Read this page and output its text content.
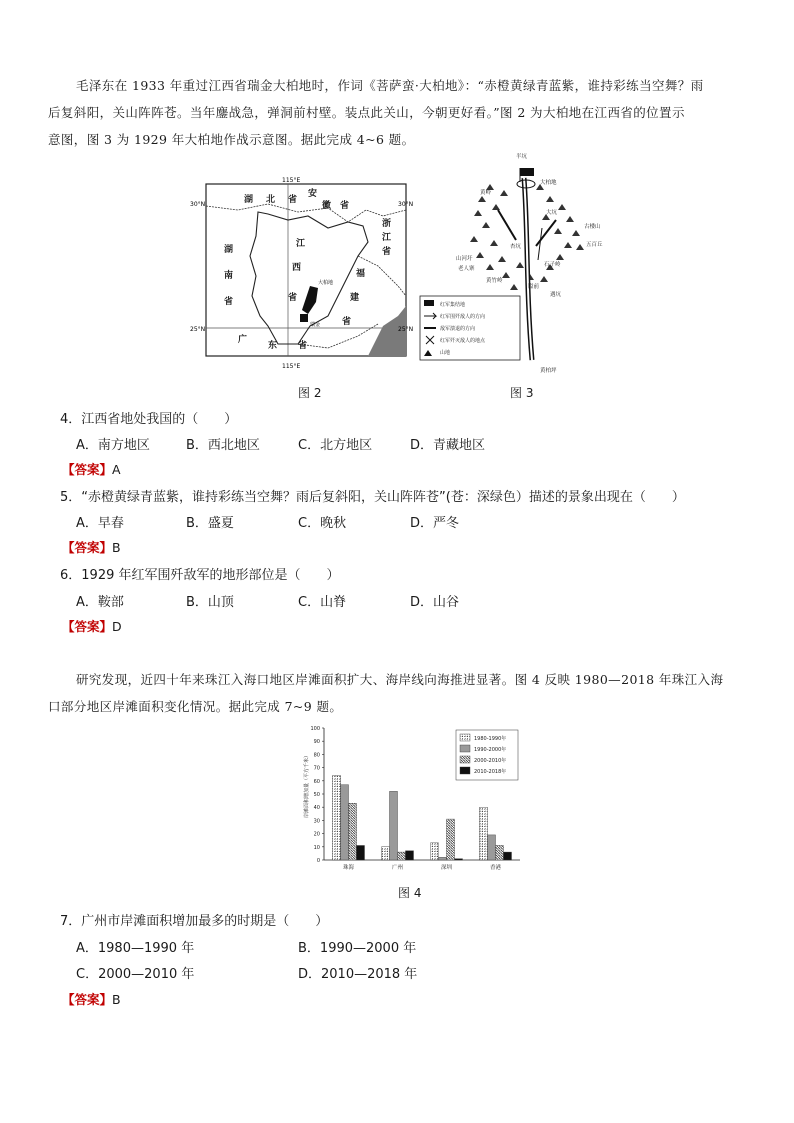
毛泽东在 1933 年重过江西省瑞金大柏地时，作词《菩萨蛮·大柏地》：“赤橙黄绿青蓝紫，谁持彩练当空舞？雨
后复斜阳，关山阵阵苍。当年鏖战急，弹洞前村壁。装点此关山，今朝更好看。”图 2 为大柏地在江西省的位置示
意图，图 3 为 1929 年大柏地作战示意图。据此完成 4~6 题。
115°E
115°E
30°N	30°N
25°N	25°N
湖 北 省
安
徽 省
浙
江
省
湖
南
省
江
西
省
福
建
省
广
东 省
大柏地
瑞金
图 2
半坑
大柏地
黄岭
大坑
古楼山
五百丘
山河圩
老人寨
杏坑
石子岭
黄竹岭
隘前
遇坑
黄柏坪
红军集结地
红军围歼敌人的方向
敌军溃退的方向
红军歼灭敌人的地点
山地
图 3
4．江西省地处我国的（　　）
A．南方地区	B．西北地区	C．北方地区	D．青藏地区
【答案】A
5．“赤橙黄绿青蓝紫，谁持彩练当空舞？雨后复斜阳，关山阵阵苍”(苍：深绿色）描述的景象出现在（　　）
A．早春	B．盛夏	C．晚秋	D．严冬
【答案】B
6．1929 年红军围歼敌军的地形部位是（　　）
A．鞍部	B．山顶	C．山脊	D．山谷
【答案】D
研究发现，近四十年来珠江入海口地区岸滩面积扩大、海岸线向海推进显著。图 4 反映 1980—2018 年珠江入海
口部分地区岸滩面积变化情况。据此完成 7~9 题。
0
10
20
30
40
50
60
70
80
90
100
岸滩面积增加量（平方千米）
珠海	广州	深圳	香港
1980-1990年
1990-2000年
2000-2010年
2010-2018年
图 4
7．广州市岸滩面积增加最多的时期是（　　）
A．1980—1990 年	B．1990—2000 年
C．2000—2010 年	D．2010—2018 年
【答案】B
